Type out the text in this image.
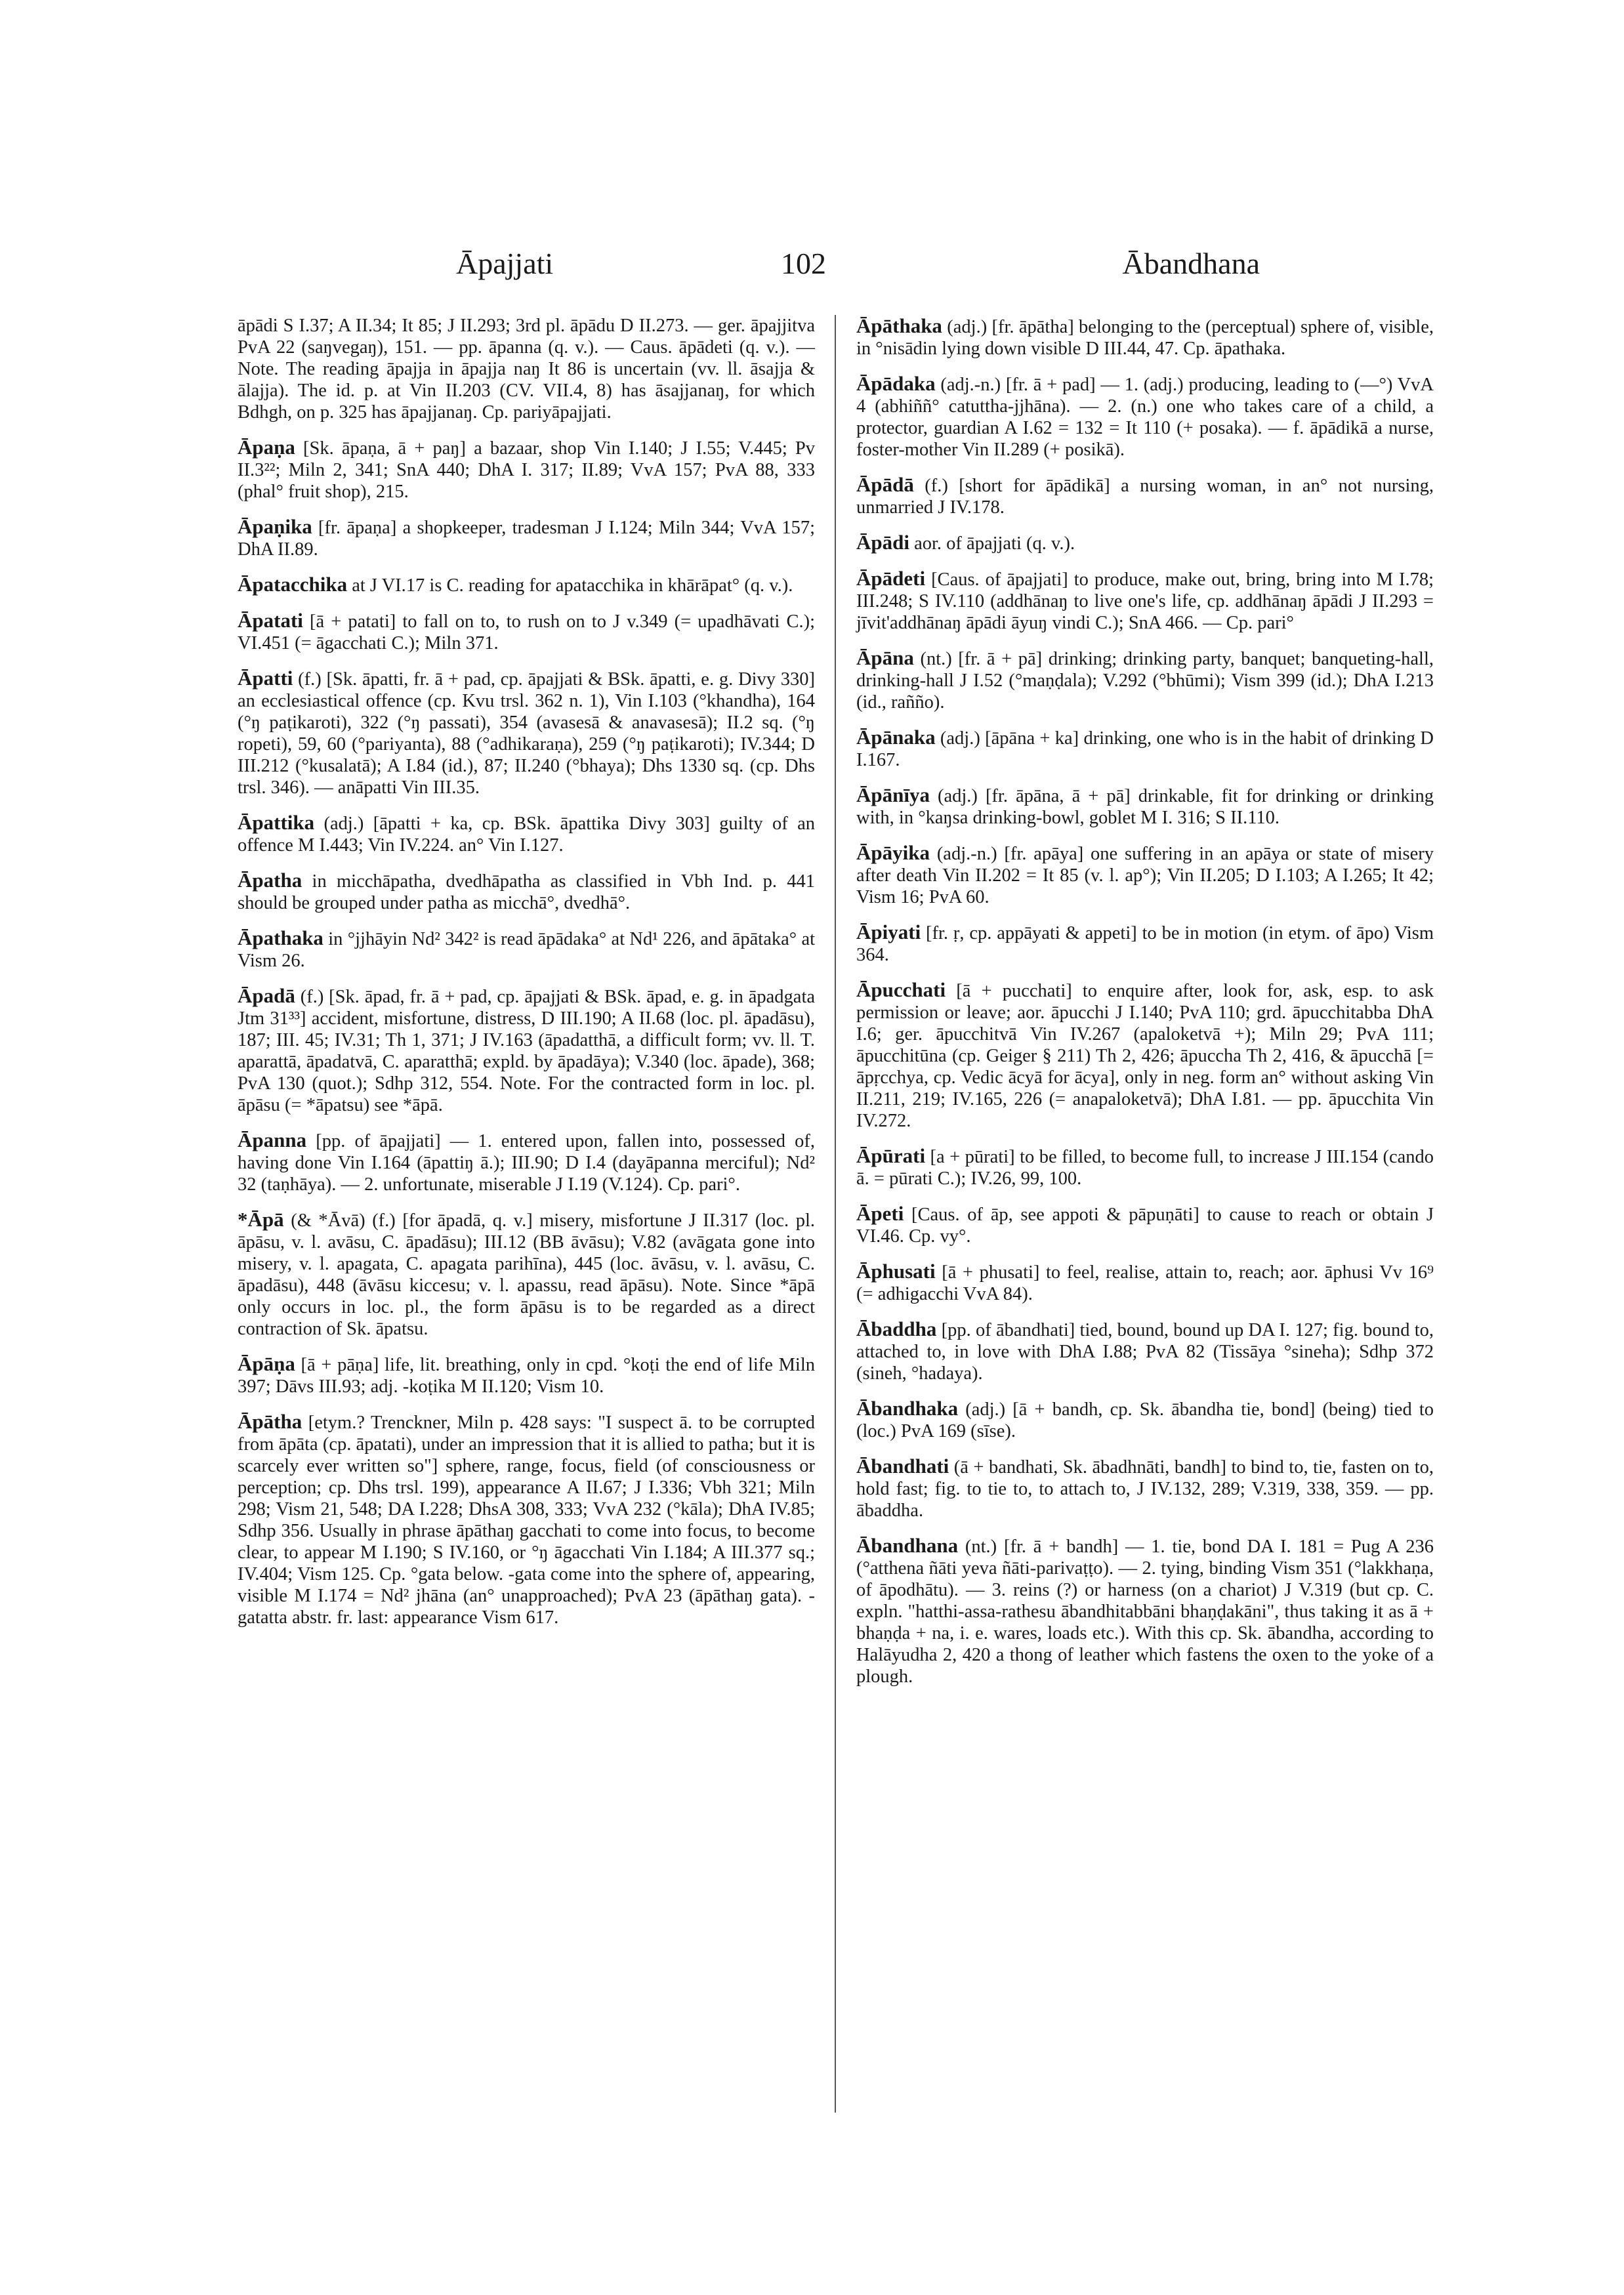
Āpajjati	102	Ābandhana

āpādi S I.37; A II.34; It 85; J II.293; 3rd pl. āpādu D II.273. — ger. āpajjitva PvA 22 (saŋvegaŋ), 151. — pp. āpanna (q. v.). — Caus. āpādeti (q. v.). — Note. The reading āpajja in āpajja naŋ It 86 is uncertain (vv. ll. āsajja & ālajja). The id. p. at Vin II.203 (CV. VII.4, 8) has āsajjanaŋ, for which Bdhgh, on p. 325 has āpajjanaŋ. Cp. pariyāpajjati.

Āpaṇa [Sk. āpaṇa, ā + paŋ] a bazaar, shop Vin I.140; J I.55; V.445; Pv II.3²²; Miln 2, 341; SnA 440; DhA I. 317; II.89; VvA 157; PvA 88, 333 (phal° fruit shop), 215.

Āpaṇika [fr. āpaṇa] a shopkeeper, tradesman J I.124; Miln 344; VvA 157; DhA II.89.

Āpatacchika at J VI.17 is C. reading for apatacchika in khārāpat° (q. v.).

Āpatati [ā + patati] to fall on to, to rush on to J v.349 (= upadhāvati C.); VI.451 (= āgacchati C.); Miln 371.

Āpatti (f.) [Sk. āpatti, fr. ā + pad, cp. āpajjati & BSk. āpatti, e. g. Divy 330] an ecclesiastical offence (cp. Kvu trsl. 362 n. 1), Vin I.103 (°khandha), 164 (°ŋ paṭikaroti), 322 (°ŋ passati), 354 (avasesā & anavasesā); II.2 sq. (°ŋ ropeti), 59, 60 (°pariyanta), 88 (°adhikaraṇa), 259 (°ŋ paṭikaroti); IV.344; D III.212 (°kusalatā); A I.84 (id.), 87; II.240 (°bhaya); Dhs 1330 sq. (cp. Dhs trsl. 346). — anāpatti Vin III.35.

Āpattika (adj.) [āpatti + ka, cp. BSk. āpattika Divy 303] guilty of an offence M I.443; Vin IV.224. an° Vin I.127.

Āpatha in micchāpatha, dvedhāpatha as classified in Vbh Ind. p. 441 should be grouped under patha as micchā°, dvedhā°.

Āpathaka in °jjhāyin Nd² 342² is read āpādaka° at Nd¹ 226, and āpātaka° at Vism 26.

Āpadā (f.) [Sk. āpad, fr. ā + pad, cp. āpajjati & BSk. āpad, e. g. in āpadgata Jtm 31³³] accident, misfortune, distress, D III.190; A II.68 (loc. pl. āpadāsu), 187; III. 45; IV.31; Th 1, 371; J IV.163 (āpadatthā, a difficult form; vv. ll. T. aparattā, āpadatvā, C. aparatthā; expld. by āpadāya); V.340 (loc. āpade), 368; PvA 130 (quot.); Sdhp 312, 554. Note. For the contracted form in loc. pl. āpāsu (= *āpatsu) see *āpā.

Āpanna [pp. of āpajjati] — 1. entered upon, fallen into, possessed of, having done Vin I.164 (āpattiŋ ā.); III.90; D I.4 (dayāpanna merciful); Nd² 32 (taṇhāya). — 2. unfortunate, miserable J I.19 (V.124). Cp. pari°.

*Āpā (& *Āvā) (f.) [for āpadā, q. v.] misery, misfortune J II.317 (loc. pl. āpāsu, v. l. avāsu, C. āpadāsu); III.12 (BB āvāsu); V.82 (avāgata gone into misery, v. l. apagata, C. apagata parihīna), 445 (loc. āvāsu, v. l. avāsu, C. āpadāsu), 448 (āvāsu kiccesu; v. l. apassu, read āpāsu). Note. Since *āpā only occurs in loc. pl., the form āpāsu is to be regarded as a direct contraction of Sk. āpatsu.

Āpāṇa [ā + pāṇa] life, lit. breathing, only in cpd. °koṭi the end of life Miln 397; Dāvs III.93; adj. -koṭika M II.120; Vism 10.

Āpātha [etym.? Trenckner, Miln p. 428 says: "I suspect ā. to be corrupted from āpāta (cp. āpatati), under an impression that it is allied to patha; but it is scarcely ever written so"] sphere, range, focus, field (of consciousness or perception; cp. Dhs trsl. 199), appearance A II.67; J I.336; Vbh 321; Miln 298; Vism 21, 548; DA I.228; DhsA 308, 333; VvA 232 (°kāla); DhA IV.85; Sdhp 356. Usually in phrase āpāthaŋ gacchati to come into focus, to become clear, to appear M I.190; S IV.160, or °ŋ āgacchati Vin I.184; A III.377 sq.; IV.404; Vism 125. Cp. °gata below. -gata come into the sphere of, appearing, visible M I.174 = Nd² jhāna (an° unapproached); PvA 23 (āpāthaŋ gata). -gatatta abstr. fr. last: appearance Vism 617.

Āpāthaka (adj.) [fr. āpātha] belonging to the (perceptual) sphere of, visible, in °nisādin lying down visible D III.44, 47. Cp. āpathaka.

Āpādaka (adj.-n.) [fr. ā + pad] — 1. (adj.) producing, leading to (—°) VvA 4 (abhiññ° catuttha-jjhāna). — 2. (n.) one who takes care of a child, a protector, guardian A I.62 = 132 = It 110 (+ posaka). — f. āpādikā a nurse, foster-mother Vin II.289 (+ posikā).

Āpādā (f.) [short for āpādikā] a nursing woman, in an° not nursing, unmarried J IV.178.

Āpādi aor. of āpajjati (q. v.).

Āpādeti [Caus. of āpajjati] to produce, make out, bring, bring into M I.78; III.248; S IV.110 (addhānaŋ to live one's life, cp. addhānaŋ āpādi J II.293 = jīvit'addhānaŋ āpādi āyuŋ vindi C.); SnA 466. — Cp. pari°

Āpāna (nt.) [fr. ā + pā] drinking; drinking party, banquet; banqueting-hall, drinking-hall J I.52 (°maṇḍala); V.292 (°bhūmi); Vism 399 (id.); DhA I.213 (id., rañño).

Āpānaka (adj.) [āpāna + ka] drinking, one who is in the habit of drinking D I.167.

Āpānīya (adj.) [fr. āpāna, ā + pā] drinkable, fit for drinking or drinking with, in °kaŋsa drinking-bowl, goblet M I. 316; S II.110.

Āpāyika (adj.-n.) [fr. apāya] one suffering in an apāya or state of misery after death Vin II.202 = It 85 (v. l. ap°); Vin II.205; D I.103; A I.265; It 42; Vism 16; PvA 60.

Āpiyati [fr. ṛ, cp. appāyati & appeti] to be in motion (in etym. of āpo) Vism 364.

Āpucchati [ā + pucchati] to enquire after, look for, ask, esp. to ask permission or leave; aor. āpucchi J I.140; PvA 110; grd. āpucchitabba DhA I.6; ger. āpucchitvā Vin IV.267 (apaloketvā +); Miln 29; PvA 111; āpucchitūna (cp. Geiger § 211) Th 2, 426; āpuccha Th 2, 416, & āpucchā [= āpṛcchya, cp. Vedic ācyā for ācya], only in neg. form an° without asking Vin II.211, 219; IV.165, 226 (= anapaloketvā); DhA I.81. — pp. āpucchita Vin IV.272.

Āpūrati [a + pūrati] to be filled, to become full, to increase J III.154 (cando ā. = pūrati C.); IV.26, 99, 100.

Āpeti [Caus. of āp, see appoti & pāpuṇāti] to cause to reach or obtain J VI.46. Cp. vy°.

Āphusati [ā + phusati] to feel, realise, attain to, reach; aor. āphusi Vv 16⁹ (= adhigacchi VvA 84).

Ābaddha [pp. of ābandhati] tied, bound, bound up DA I. 127; fig. bound to, attached to, in love with DhA I.88; PvA 82 (Tissāya °sineha); Sdhp 372 (sineh, °hadaya).

Ābandhaka (adj.) [ā + bandh, cp. Sk. ābandha tie, bond] (being) tied to (loc.) PvA 169 (sīse).

Ābandhati (ā + bandhati, Sk. ābadhnāti, bandh] to bind to, tie, fasten on to, hold fast; fig. to tie to, to attach to, J IV.132, 289; V.319, 338, 359. — pp. ābaddha.

Ābandhana (nt.) [fr. ā + bandh] — 1. tie, bond DA I. 181 = Pug A 236 (°atthena ñāti yeva ñāti-parivaṭṭo). — 2. tying, binding Vism 351 (°lakkhaṇa, of āpodhātu). — 3. reins (?) or harness (on a chariot) J V.319 (but cp. C. expln. "hatthi-assa-rathesu ābandhitabbāni bhaṇḍakāni", thus taking it as ā + bhaṇḍa + na, i. e. wares, loads etc.). With this cp. Sk. ābandha, according to Halāyudha 2, 420 a thong of leather which fastens the oxen to the yoke of a plough.
